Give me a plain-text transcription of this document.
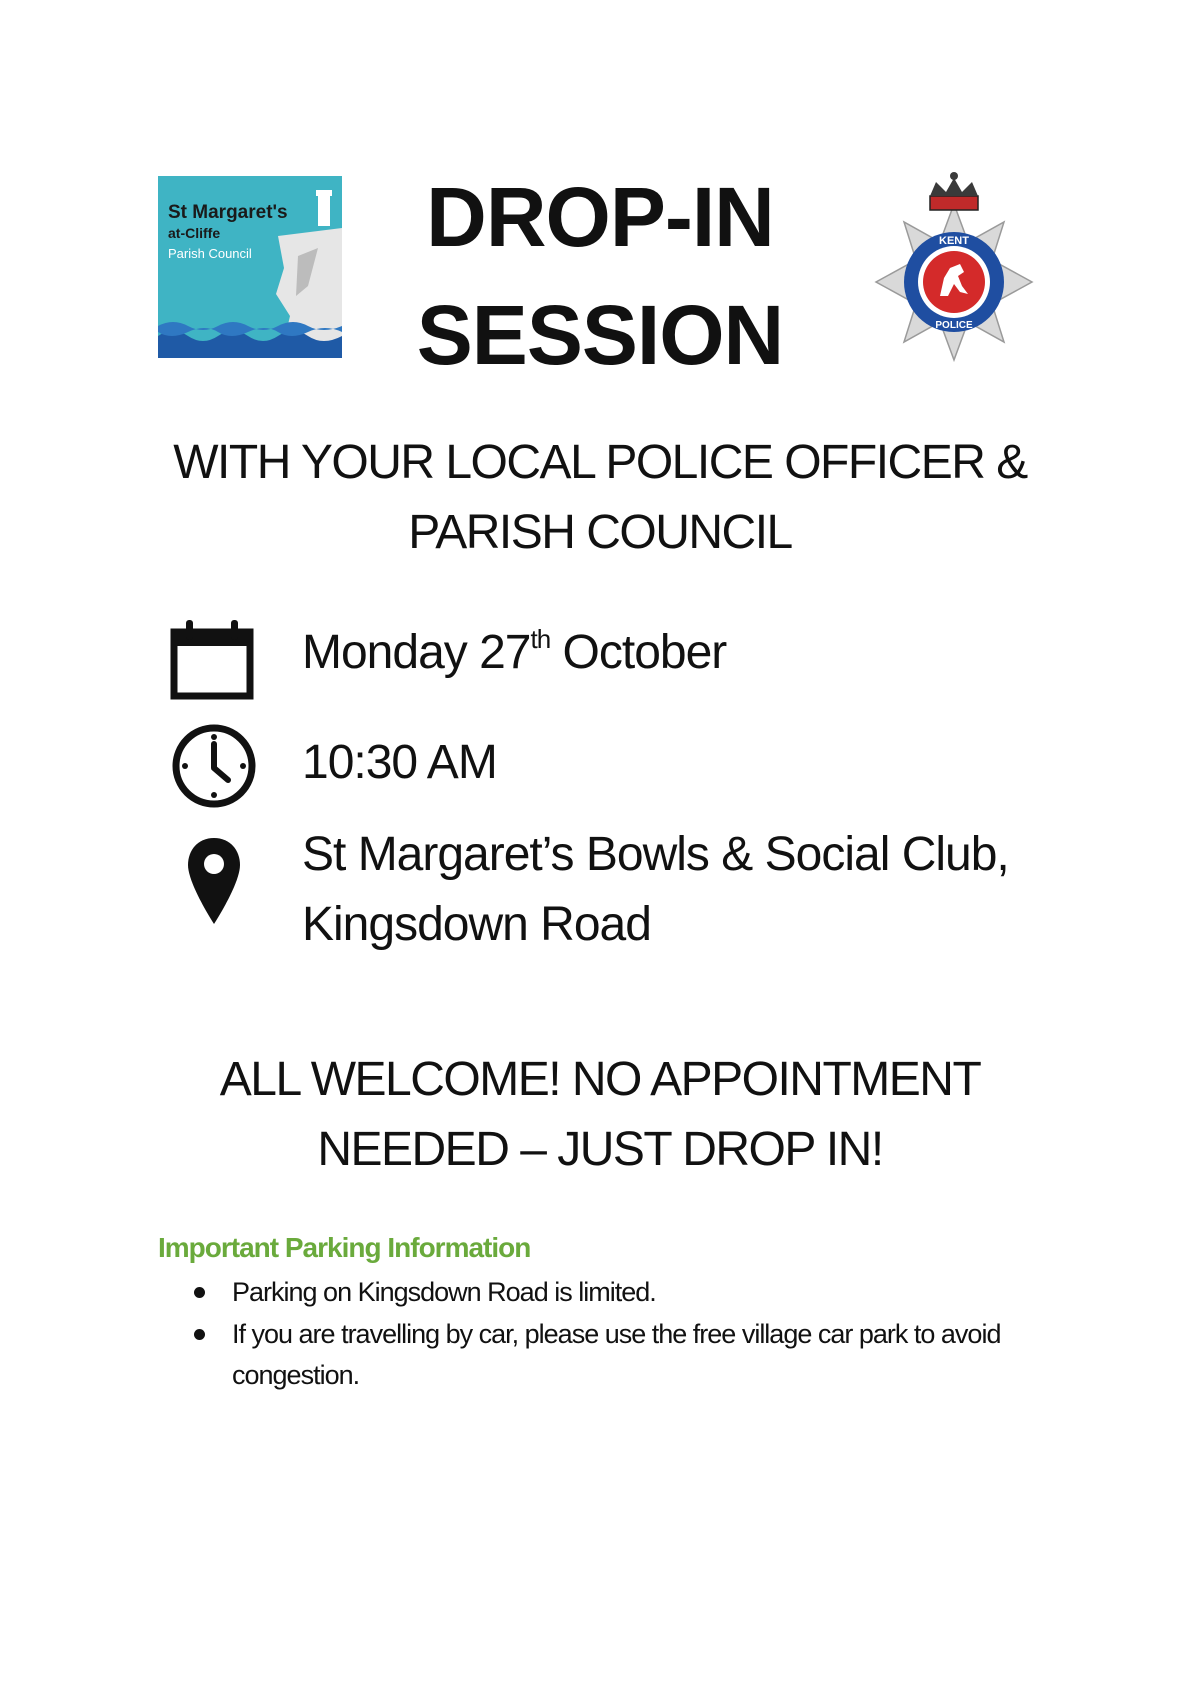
St Margaret's
at-Cliffe
Parish Council	DROP-IN
SESSION
KENT
POLICE
WITH YOUR LOCAL POLICE OFFICER &
PARISH COUNCIL
Monday 27th October
10:30 AM
St Margaret’s Bowls & Social Club,
Kingsdown Road
ALL WELCOME! NO APPOINTMENT
NEEDED – JUST DROP IN!
Important Parking Information
Parking on Kingsdown Road is limited.
If you are travelling by car, please use the free village car park to avoid congestion.
